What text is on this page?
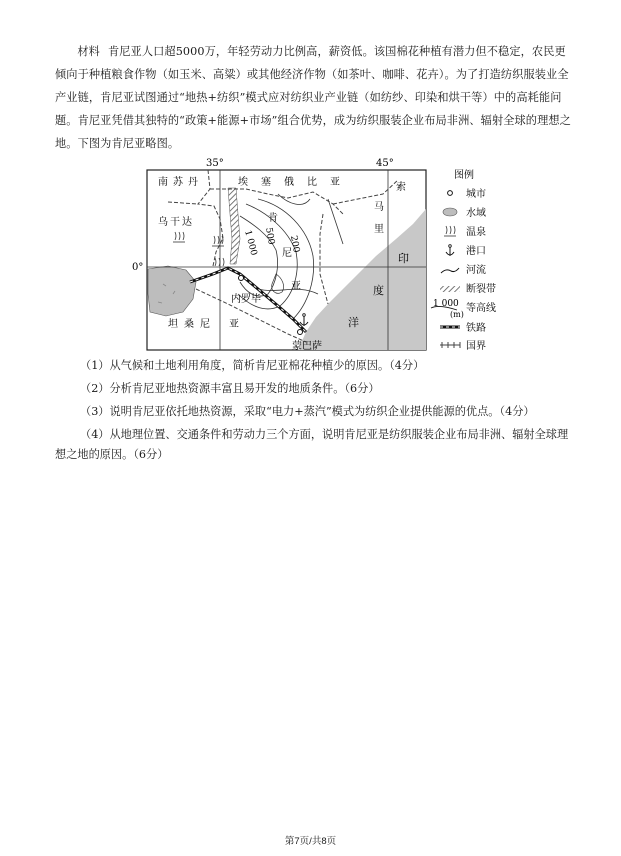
材料 肯尼亚人口超5000万，年轻劳动力比例高，薪资低。该国棉花种植有潜力但不稳定，农民更倾向于种植粮食作物（如玉米、高粱）或其他经济作物（如茶叶、咖啡、花卉）。为了打造纺织服装业全产业链，肯尼亚试图通过“地热+纺织”模式应对纺织业产业链（如纺纱、印染和烘干等）中的高耗能问题。肯尼亚凭借其独特的“政策+能源+市场”组合优势，成为纺织服装企业布局非洲、辐射全球的理想之地。下图为肯尼亚略图。

35°	45°
0°
1 000 500 200
南苏丹	埃塞俄比亚	索
马
里
乌干达	肯
尼
亚
坦 桑 尼 亚
印
度
洋
内罗毕
蒙巴萨
图例
城市
水域
温泉
港口
河流
断裂带
1 000
(m)
等高线
铁路
国界

（1）从气候和土地利用角度，简析肯尼亚棉花种植少的原因。（4分）

（2）分析肯尼亚地热资源丰富且易开发的地质条件。（6分）

（3）说明肯尼亚依托地热资源，采取“电力+蒸汽”模式为纺织企业提供能源的优点。（4分）

（4）从地理位置、交通条件和劳动力三个方面，说明肯尼亚是纺织服装企业布局非洲、辐射全球理

想之地的原因。（6分）

第7页/共8页
